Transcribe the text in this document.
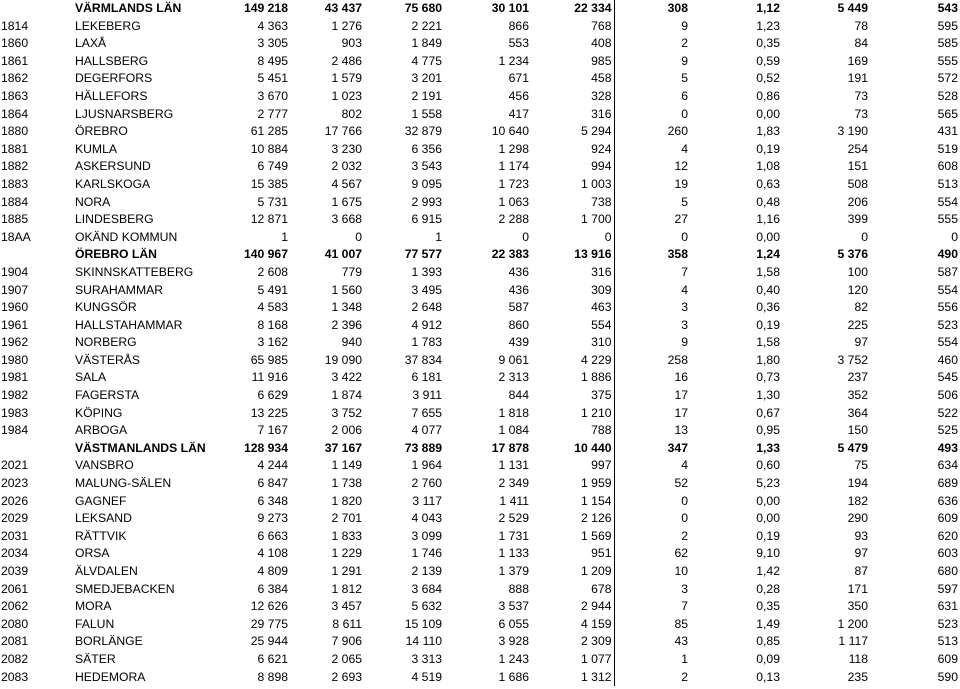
	VÄRMLANDS LÄN	149 218	43 437	75 680	30 101	22 334	308	1,12	5 449	543
1814	LEKEBERG	4 363	1 276	2 221	866	768	9	1,23	78	595
1860	LAXÅ	3 305	903	1 849	553	408	2	0,35	84	585
1861	HALLSBERG	8 495	2 486	4 775	1 234	985	9	0,59	169	555
1862	DEGERFORS	5 451	1 579	3 201	671	458	5	0,52	191	572
1863	HÄLLEFORS	3 670	1 023	2 191	456	328	6	0,86	73	528
1864	LJUSNARSBERG	2 777	802	1 558	417	316	0	0,00	73	565
1880	ÖREBRO	61 285	17 766	32 879	10 640	5 294	260	1,83	3 190	431
1881	KUMLA	10 884	3 230	6 356	1 298	924	4	0,19	254	519
1882	ASKERSUND	6 749	2 032	3 543	1 174	994	12	1,08	151	608
1883	KARLSKOGA	15 385	4 567	9 095	1 723	1 003	19	0,63	508	513
1884	NORA	5 731	1 675	2 993	1 063	738	5	0,48	206	554
1885	LINDESBERG	12 871	3 668	6 915	2 288	1 700	27	1,16	399	555
18AA	OKÄND KOMMUN	1	0	1	0	0	0	0,00	0	0
	ÖREBRO LÄN	140 967	41 007	77 577	22 383	13 916	358	1,24	5 376	490
1904	SKINNSKATTEBERG	2 608	779	1 393	436	316	7	1,58	100	587
1907	SURAHAMMAR	5 491	1 560	3 495	436	309	4	0,40	120	554
1960	KUNGSÖR	4 583	1 348	2 648	587	463	3	0,36	82	556
1961	HALLSTAHAMMAR	8 168	2 396	4 912	860	554	3	0,19	225	523
1962	NORBERG	3 162	940	1 783	439	310	9	1,58	97	554
1980	VÄSTERÅS	65 985	19 090	37 834	9 061	4 229	258	1,80	3 752	460
1981	SALA	11 916	3 422	6 181	2 313	1 886	16	0,73	237	545
1982	FAGERSTA	6 629	1 874	3 911	844	375	17	1,30	352	506
1983	KÖPING	13 225	3 752	7 655	1 818	1 210	17	0,67	364	522
1984	ARBOGA	7 167	2 006	4 077	1 084	788	13	0,95	150	525
	VÄSTMANLANDS LÄN	128 934	37 167	73 889	17 878	10 440	347	1,33	5 479	493
2021	VANSBRO	4 244	1 149	1 964	1 131	997	4	0,60	75	634
2023	MALUNG-SÄLEN	6 847	1 738	2 760	2 349	1 959	52	5,23	194	689
2026	GAGNEF	6 348	1 820	3 117	1 411	1 154	0	0,00	182	636
2029	LEKSAND	9 273	2 701	4 043	2 529	2 126	0	0,00	290	609
2031	RÄTTVIK	6 663	1 833	3 099	1 731	1 569	2	0,19	93	620
2034	ORSA	4 108	1 229	1 746	1 133	951	62	9,10	97	603
2039	ÄLVDALEN	4 809	1 291	2 139	1 379	1 209	10	1,42	87	680
2061	SMEDJEBACKEN	6 384	1 812	3 684	888	678	3	0,28	171	597
2062	MORA	12 626	3 457	5 632	3 537	2 944	7	0,35	350	631
2080	FALUN	29 775	8 611	15 109	6 055	4 159	85	1,49	1 200	523
2081	BORLÄNGE	25 944	7 906	14 110	3 928	2 309	43	0,85	1 117	513
2082	SÄTER	6 621	2 065	3 313	1 243	1 077	1	0,09	118	609
2083	HEDEMORA	8 898	2 693	4 519	1 686	1 312	2	0,13	235	590
